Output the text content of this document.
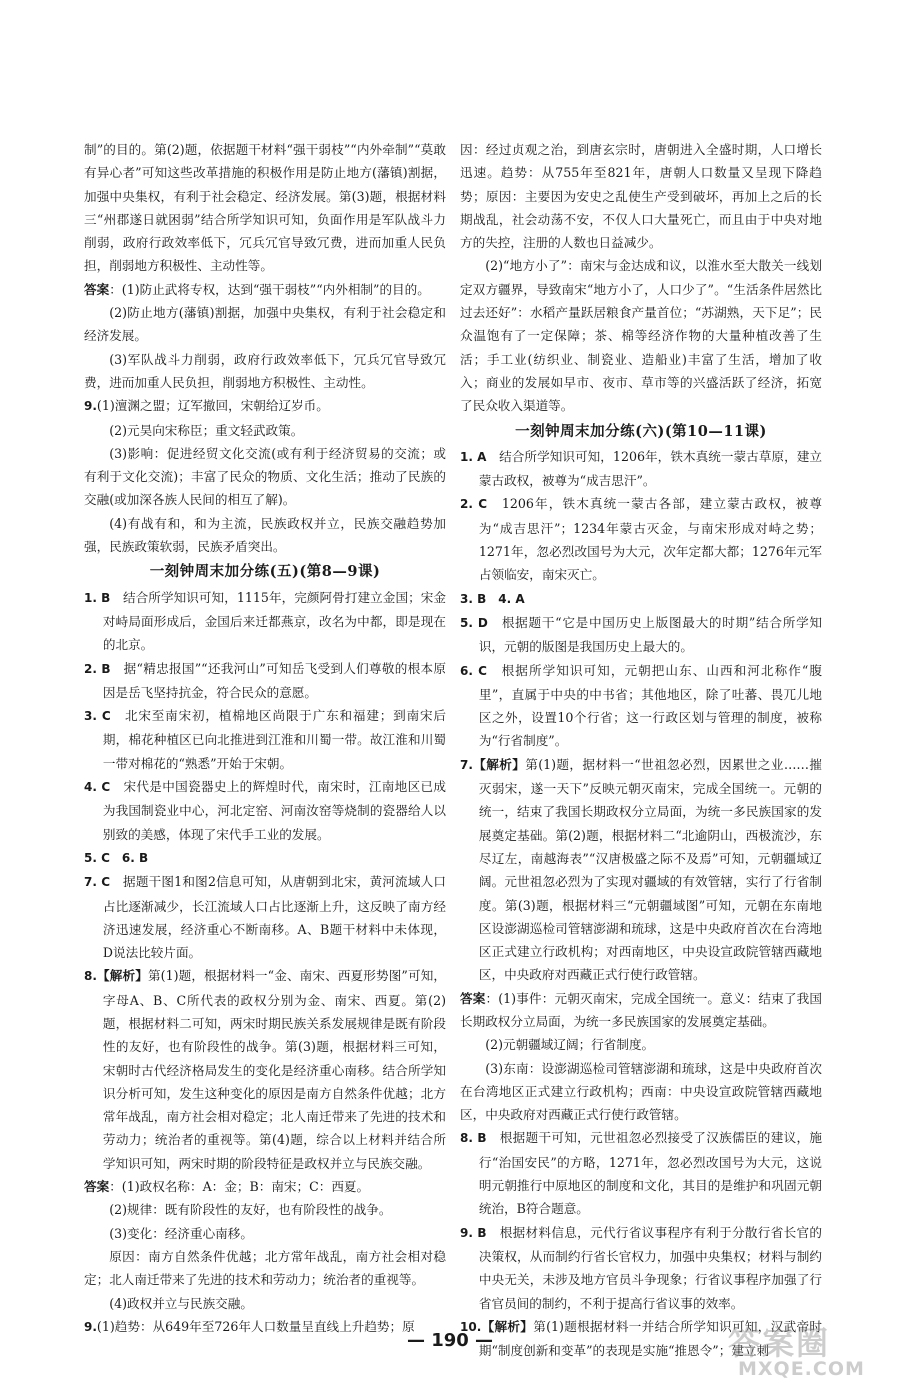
制”的目的。第(2)题，依据题干材料“强干弱枝”“内外牵制”“莫敢有异心者”可知这些改革措施的积极作用是防止地方(藩镇)割据，加强中央集权，有利于社会稳定、经济发展。第(3)题，根据材料三“州郡遂日就困弱”结合所学知识可知，负面作用是军队战斗力削弱，政府行政效率低下，冗兵冗官导致冗费，进而加重人民负担，削弱地方积极性、主动性等。

答案：(1)防止武将专权，达到“强干弱枝”“内外相制”的目的。

(2)防止地方(藩镇)割据，加强中央集权，有利于社会稳定和经济发展。

(3)军队战斗力削弱，政府行政效率低下，冗兵冗官导致冗费，进而加重人民负担，削弱地方积极性、主动性。

9.(1)澶渊之盟；辽军撤回，宋朝给辽岁币。

(2)元昊向宋称臣；重文轻武政策。

(3)影响：促进经贸文化交流(或有利于经济贸易的交流；或有利于文化交流)；丰富了民众的物质、文化生活；推动了民族的交融(或加深各族人民间的相互了解)。

(4)有战有和，和为主流，民族政权并立，民族交融趋势加强，民族政策软弱，民族矛盾突出。

一刻钟周末加分练(五)(第8—9课)

1. B　结合所学知识可知，1115年，完颜阿骨打建立金国；宋金对峙局面形成后，金国后来迁都燕京，改名为中都，即是现在的北京。

2. B　据“精忠报国”“还我河山”可知岳飞受到人们尊敬的根本原因是岳飞坚持抗金，符合民众的意愿。

3. C　北宋至南宋初，植棉地区尚限于广东和福建；到南宋后期，棉花种植区已向北推进到江淮和川蜀一带。故江淮和川蜀一带对棉花的“熟悉”开始于宋朝。

4. C　宋代是中国瓷器史上的辉煌时代，南宋时，江南地区已成为我国制瓷业中心，河北定窑、河南汝窑等烧制的瓷器给人以别致的美感，体现了宋代手工业的发展。

5. C　6. B

7. C　据题干图1和图2信息可知，从唐朝到北宋，黄河流域人口占比逐渐减少，长江流域人口占比逐渐上升，这反映了南方经济迅速发展，经济重心不断南移。A、B题干材料中未体现，D说法比较片面。

8.【解析】第(1)题，根据材料一“金、南宋、西夏形势图”可知，字母A、B、C所代表的政权分别为金、南宋、西夏。第(2)题，根据材料二可知，两宋时期民族关系发展规律是既有阶段性的友好，也有阶段性的战争。第(3)题，根据材料三可知，宋朝时古代经济格局发生的变化是经济重心南移。结合所学知识分析可知，发生这种变化的原因是南方自然条件优越；北方常年战乱，南方社会相对稳定；北人南迁带来了先进的技术和劳动力；统治者的重视等。第(4)题，综合以上材料并结合所学知识可知，两宋时期的阶段特征是政权并立与民族交融。

答案：(1)政权名称：A：金；B：南宋；C：西夏。

(2)规律：既有阶段性的友好，也有阶段性的战争。

(3)变化：经济重心南移。

原因：南方自然条件优越；北方常年战乱，南方社会相对稳定；北人南迁带来了先进的技术和劳动力；统治者的重视等。

(4)政权并立与民族交融。

9.(1)趋势：从649年至726年人口数量呈直线上升趋势；原

因：经过贞观之治，到唐玄宗时，唐朝进入全盛时期，人口增长迅速。趋势：从755年至821年，唐朝人口数量又呈现下降趋势；原因：主要因为安史之乱使生产受到破坏，再加上之后的长期战乱，社会动荡不安，不仅人口大量死亡，而且由于中央对地方的失控，注册的人数也日益减少。

(2)“地方小了”：南宋与金达成和议，以淮水至大散关一线划定双方疆界，导致南宋“地方小了，人口少了”。“生活条件居然比过去还好”：水稻产量跃居粮食产量首位；“苏湖熟，天下足”；民众温饱有了一定保障；茶、棉等经济作物的大量种植改善了生活；手工业(纺织业、制瓷业、造船业)丰富了生活，增加了收入；商业的发展如早市、夜市、草市等的兴盛活跃了经济，拓宽了民众收入渠道等。

一刻钟周末加分练(六)(第10—11课)

1. A　结合所学知识可知，1206年，铁木真统一蒙古草原，建立蒙古政权，被尊为“成吉思汗”。

2. C　1206年，铁木真统一蒙古各部，建立蒙古政权，被尊为“成吉思汗”；1234年蒙古灭金，与南宋形成对峙之势；1271年，忽必烈改国号为大元，次年定都大都；1276年元军占领临安，南宋灭亡。

3. B　4. A

5. D　根据题干“它是中国历史上版图最大的时期”结合所学知识，元朝的版图是我国历史上最大的。

6. C　根据所学知识可知，元朝把山东、山西和河北称作“腹里”，直属于中央的中书省；其他地区，除了吐蕃、畏兀儿地区之外，设置10个行省；这一行政区划与管理的制度，被称为“行省制度”。

7.【解析】第(1)题，据材料一“世祖忽必烈，因累世之业……摧灭弱宋，遂一天下”反映元朝灭南宋，完成全国统一。元朝的统一，结束了我国长期政权分立局面，为统一多民族国家的发展奠定基础。第(2)题，根据材料二“北逾阴山，西极流沙，东尽辽左，南越海表”“汉唐极盛之际不及焉”可知，元朝疆域辽阔。元世祖忽必烈为了实现对疆域的有效管辖，实行了行省制度。第(3)题，根据材料三“元朝疆域图”可知，元朝在东南地区设澎湖巡检司管辖澎湖和琉球，这是中央政府首次在台湾地区正式建立行政机构；对西南地区，中央设宣政院管辖西藏地区，中央政府对西藏正式行使行政管辖。

答案：(1)事件：元朝灭南宋，完成全国统一。意义：结束了我国长期政权分立局面，为统一多民族国家的发展奠定基础。

(2)元朝疆域辽阔；行省制度。

(3)东南：设澎湖巡检司管辖澎湖和琉球，这是中央政府首次在台湾地区正式建立行政机构；西南：中央设宣政院管辖西藏地区，中央政府对西藏正式行使行政管辖。

8. B　根据题干可知，元世祖忽必烈接受了汉族儒臣的建议，施行“治国安民”的方略，1271年，忽必烈改国号为大元，这说明元朝推行中原地区的制度和文化，其目的是维护和巩固元朝统治，B符合题意。

9. B　根据材料信息，元代行省议事程序有利于分散行省长官的决策权，从而制约行省长官权力，加强中央集权；材料与制约中央无关，未涉及地方官员斗争现象；行省议事程序加强了行省官员间的制约，不利于提高行省议事的效率。

10.【解析】第(1)题根据材料一并结合所学知识可知，汉武帝时期“制度创新和变革”的表现是实施“推恩令”；建立刺

— 190 —	答案圈
MXQE.COM
